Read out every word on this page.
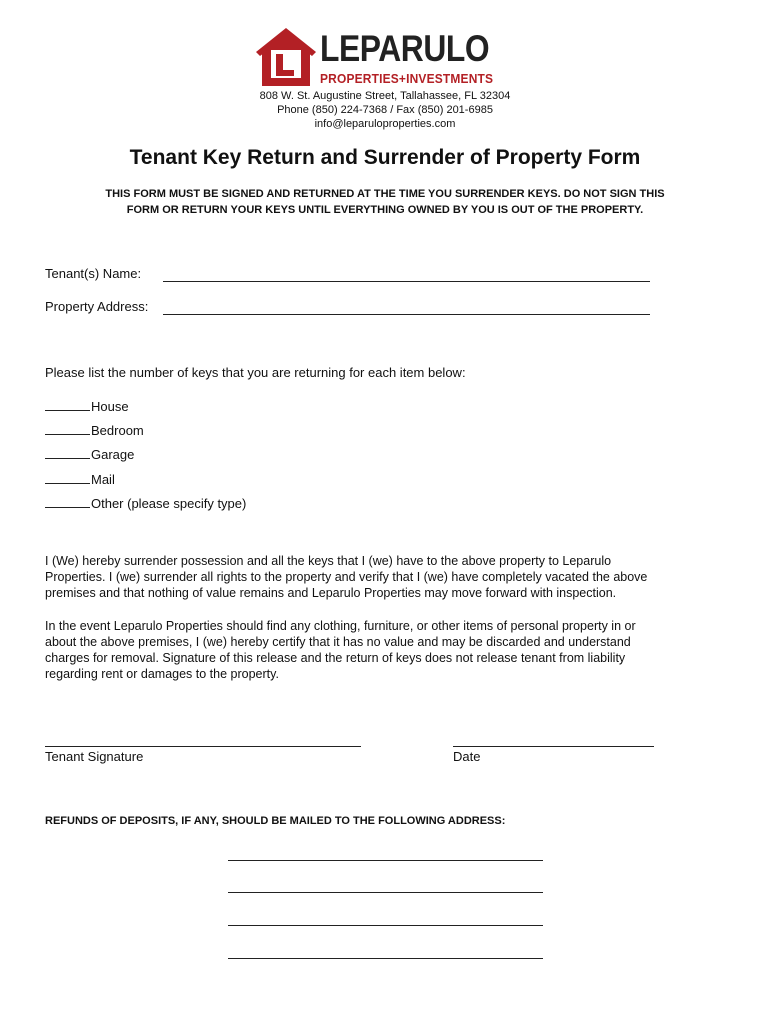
LEPARULO
PROPERTIES+INVESTMENTS
808 W. St. Augustine Street, Tallahassee, FL 32304
Phone (850) 224-7368 / Fax (850) 201-6985
info@leparuloproperties.com
Tenant Key Return and Surrender of Property Form
THIS FORM MUST BE SIGNED AND RETURNED AT THE TIME YOU SURRENDER KEYS. DO NOT SIGN THIS
FORM OR RETURN YOUR KEYS UNTIL EVERYTHING OWNED BY YOU IS OUT OF THE PROPERTY.
Tenant(s) Name:
Property Address:
Please list the number of keys that you are returning for each item below:
House
Bedroom
Garage
Mail
Other (please specify type)
I (We) hereby surrender possession and all the keys that I (we) have to the above property to Leparulo
Properties. I (we) surrender all rights to the property and verify that I (we) have completely vacated the above
premises and that nothing of value remains and Leparulo Properties may move forward with inspection.
In the event Leparulo Properties should find any clothing, furniture, or other items of personal property in or
about the above premises, I (we) hereby certify that it has no value and may be discarded and understand
charges for removal. Signature of this release and the return of keys does not release tenant from liability
regarding rent or damages to the property.
Tenant Signature	Date
REFUNDS OF DEPOSITS, IF ANY, SHOULD BE MAILED TO THE FOLLOWING ADDRESS:
